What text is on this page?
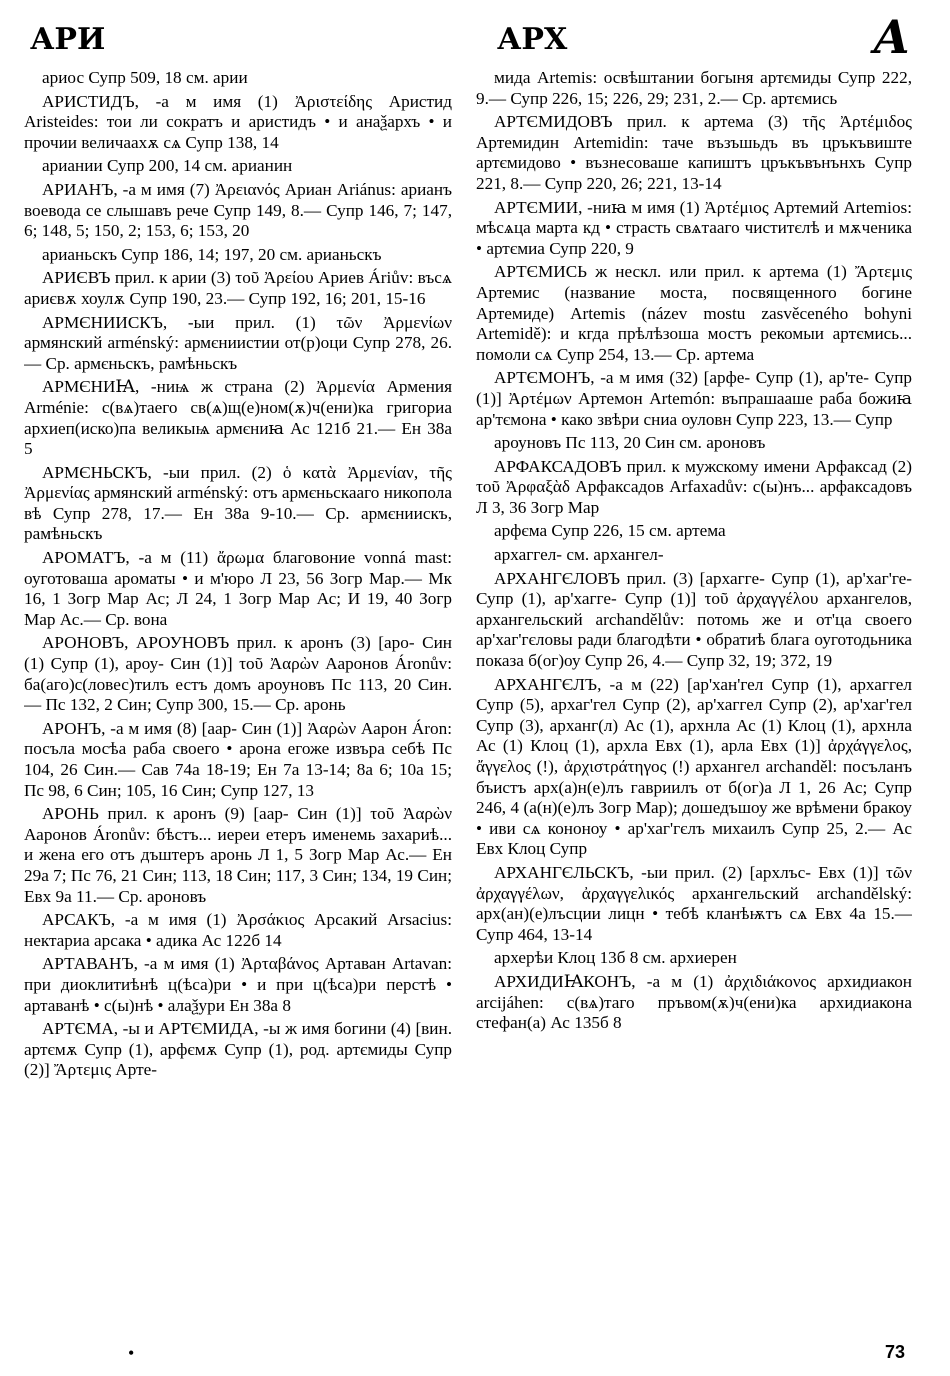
АРИ	АРХ	А

ариос Супр 509, 18 см. арии

АРИСТИДЪ, -а м имя (1) Ἀριστείδης Аристид Aristeides: тои ли сократъ и аристидъ • и анаѯархъ • и прочии величаахѫ сѧ Супр 138, 14

ариании Супр 200, 14 см. арианин

АРИАНЪ, -а м имя (7) Ἀρειανός Ариан Ariánus: арианъ воевода се слышавъ рече Супр 149, 8.— Супр 146, 7; 147, 6; 148, 5; 150, 2; 153, 6; 153, 20

арианьскъ Супр 186, 14; 197, 20 см. арианьскъ

АРИЄВЪ прил. к арии (3) τοῦ Ἀρείου Ариев Áriův: въсѧ ариєвѫ хоулѫ Супр 190, 23.— Супр 192, 16; 201, 15-16

АРМЄНИИСКЪ, -ыи прил. (1) τῶν Ἀρμενίων армянский arménský: армєниистии от(р)оци Супр 278, 26.— Ср. армєньскъ, рамѣньскъ

АРМЄНИꙖ, -ниѩ ж страна (2) Ἀρμενία Армения Arménie: с(вѧ)таего св(ѧ)щ(е)ном(ѫ)ч(ени)ка григориа архиеп(иско)па великыѩ армєниꙗ Ас 121б 21.— Ен 38а 5

АРМЄНЬСКЪ, -ыи прил. (2) ὁ κατὰ Ἀρμενίαν, τῆς Ἀρμενίας армянский arménský: отъ армєньскааго никопола вѣ Супр 278, 17.— Ен 38а 9-10.— Ср. армєниискъ, рамѣньскъ

АРОМАТЪ, -а м (11) ἄρωμα благовоние vonná mast: оуготоваша ароматы • и м'юро Л 23, 56 Зогр Мар.— Мк 16, 1 Зогр Мар Ас; Л 24, 1 Зогр Мар Ас; И 19, 40 Зогр Мар Ас.— Ср. вона

АРОНОВЪ, АРОУНОВЪ прил. к аронъ (3) [аро- Син (1) Супр (1), ароу- Син (1)] τοῦ Ἀαρὼν Ааронов Áronův: ба(аго)с(ловес)тилъ естъ домъ ароуновъ Пс 113, 20 Син.— Пс 132, 2 Син; Супр 300, 15.— Ср. аронь

АРОНЪ, -а м имя (8) [аар- Син (1)] Ἀαρὼν Аарон Áron: посъла мосѣа раба своего • арона егоже извъра себѣ Пс 104, 26 Син.— Сав 74а 18-19; Ен 7а 13-14; 8а 6; 10а 15; Пс 98, 6 Син; 105, 16 Син; Супр 127, 13

АРОНЬ прил. к аронъ (9) [аар- Син (1)] τοῦ Ἀαρὼν Ааронов Áronův: бѣстъ... иереи етеръ именемь захариѣ... и жена его отъ дъштеръ аронь Л 1, 5 Зогр Мар Ас.— Ен 29а 7; Пс 76, 21 Син; 113, 18 Син; 117, 3 Син; 134, 19 Син; Евх 9а 11.— Ср. ароновъ

АРСАКЪ, -а м имя (1) Ἀρσάκιος Арсакий Arsacius: нектариа арсака • адика Ас 122б 14

АРТАВАНЪ, -а м имя (1) Ἀρταβάνος Артаван Artavan: при диоклитиѣнѣ ц(ѣса)ри • и при ц(ѣса)ри перстѣ • артаванѣ • с(ы)нѣ • алаѯури Ен 38а 8

АРТЄМА, -ы и АРТЄМИДА, -ы ж имя богини (4) [вин. артємѫ Супр (1), арфємѫ Супр (1), род. артємиды Супр (2)] Ἄρτεμις Арте-

мида Artemis: освѣштании богыня артємиды Супр 222, 9.— Супр 226, 15; 226, 29; 231, 2.— Ср. артємись

АРТЄМИДОВЪ прил. к артема (3) τῆς Ἀρτέμιδος Артемидин Artemidin: таче възъшьдъ въ цръкъвиште артємидово • възнесоваше капиштъ цръкъвънънхъ Супр 221, 8.— Супр 220, 26; 221, 13-14

АРТЄМИИ, -ниꙗ м имя (1) Ἀρτέμιος Артемий Artemios: мѣсѧца марта кд • страсть свѧтааго чиститєлѣ и мѫченика • артємиа Супр 220, 9

АРТЄМИСЬ ж нескл. или прил. к артема (1) Ἄρτεμις Артемис (название моста, посвященного богине Артемиде) Artemis (název mostu zasvěceného bohyni Artemidě): и кгда прѣлѣзоша мостъ рекомыи артємись... помоли сѧ Супр 254, 13.— Ср. артема

АРТЄМОНЪ, -а м имя (32) [арфе- Супр (1), ар'те- Супр (1)] Ἀρτέμων Артемон Artemón: въпрашааше раба божиꙗ ар'тємона • како звѣри сниа оуловн Супр 223, 13.— Супр

ароуновъ Пс 113, 20 Син см. ароновъ

АРФАКСАДОВЪ прил. к мужскому имени Арфаксад (2) τοῦ Ἀρφαξὰδ Арфаксадов Arfaxadův: с(ы)нъ... арфаксадовъ Л 3, 36 Зогр Мар

арфєма Супр 226, 15 см. артема

архаггел- см. архангел-

АРХАНГЄЛОВЪ прил. (3) [архагге- Супр (1), ар'хаг'ге- Супр (1), ар'хагге- Супр (1)] τοῦ ἀρχαγγέλου архангелов, архангельский archandělův: потомь же и от'ца своего ар'хаг'гєловы ради благодѣти • обратиѣ блага оуготодьника показа б(ог)оу Супр 26, 4.— Супр 32, 19; 372, 19

АРХАНГЄЛЪ, -а м (22) [ар'хан'гел Супр (1), архаггел Супр (5), архаг'гел Супр (2), ар'хаггел Супр (2), ар'хаг'гел Супр (3), арханг(л) Ас (1), архнла Ас (1) Клоц (1), архнла Ас (1) Клоц (1), архла Евх (1), арла Евх (1)] ἀρχάγγελος, ἄγγελος (!), ἀρχιστράτηγος (!) архангел archanděl: посъланъ бъистъ арх(а)н(е)лъ гавриилъ от б(ог)а Л 1, 26 Ас; Супр 246, 4 (а(н)(е)лъ Зогр Мар); дошедъшоу же врѣмени бракоу • иви сѧ кононоу • ар'хаг'гєлъ михаилъ Супр 25, 2.— Ас Евх Клоц Супр

АРХАНГЄЛЬСКЪ, -ыи прил. (2) [архлъс- Евх (1)] τῶν ἀρχαγγέλων, ἀρχαγγελικός архангельский archandělský: арх(ан)(е)лъсции лицн • тебѣ кланѣѭтъ сѧ Евх 4а 15.— Супр 464, 13-14

архерѣи Клоц 13б 8 см. архиерен

АРХИДИꙖКОНЪ, -а м (1) ἀρχιδιάκονος архидиакон arcijáhen: с(вѧ)таго пръвом(ѫ)ч(ени)ка архидиакона стефан(а) Ас 135б 8

•	73
